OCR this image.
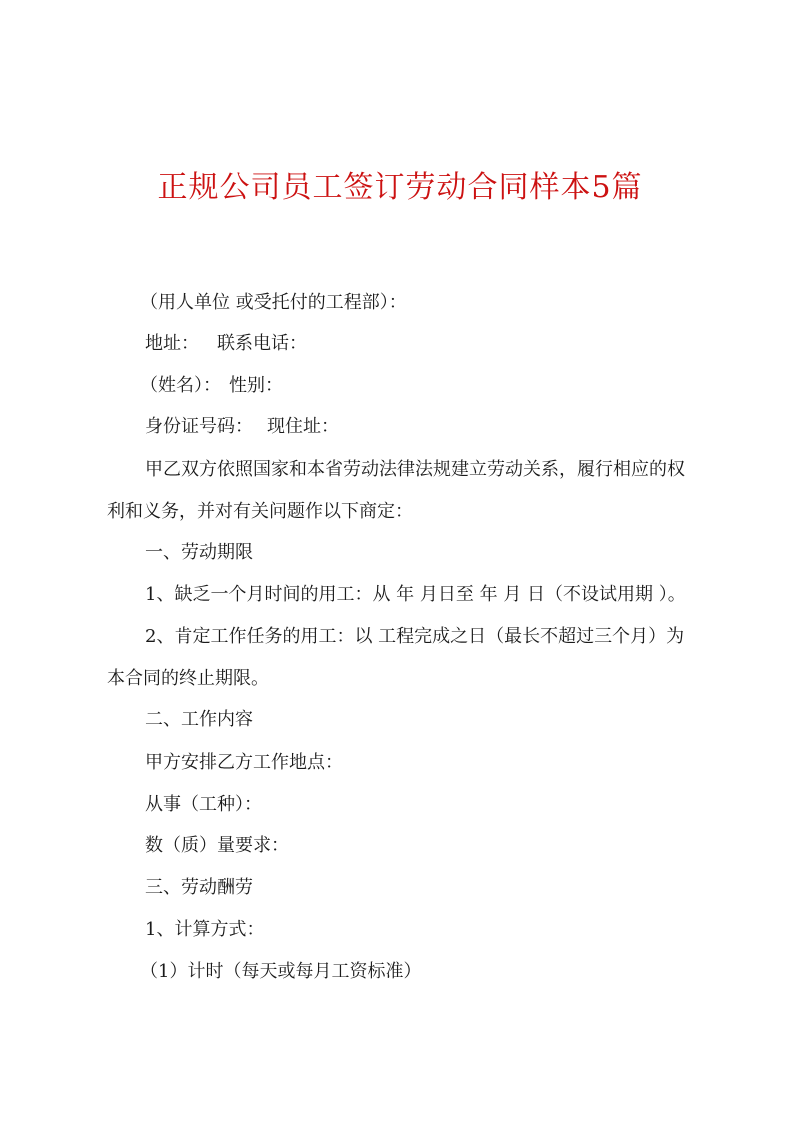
正规公司员工签订劳动合同样本5篇
（用人单位 或受托付的工程部）：
地址： 联系电话：
（姓名）： 性别：
身份证号码： 现住址：
甲乙双方依照国家和本省劳动法律法规建立劳动关系，履行相应的权
利和义务，并对有关问题作以下商定：
一、劳动期限
1、缺乏一个月时间的用工：从 年 月日至 年 月 日（不设试用期 ）。
2、肯定工作任务的用工：以 工程完成之日（最长不超过三个月）为
本合同的终止期限。
二、工作内容
甲方安排乙方工作地点：
从事（工种）：
数（质）量要求：
三、劳动酬劳
1、计算方式：
（1）计时（每天或每月工资标准）
